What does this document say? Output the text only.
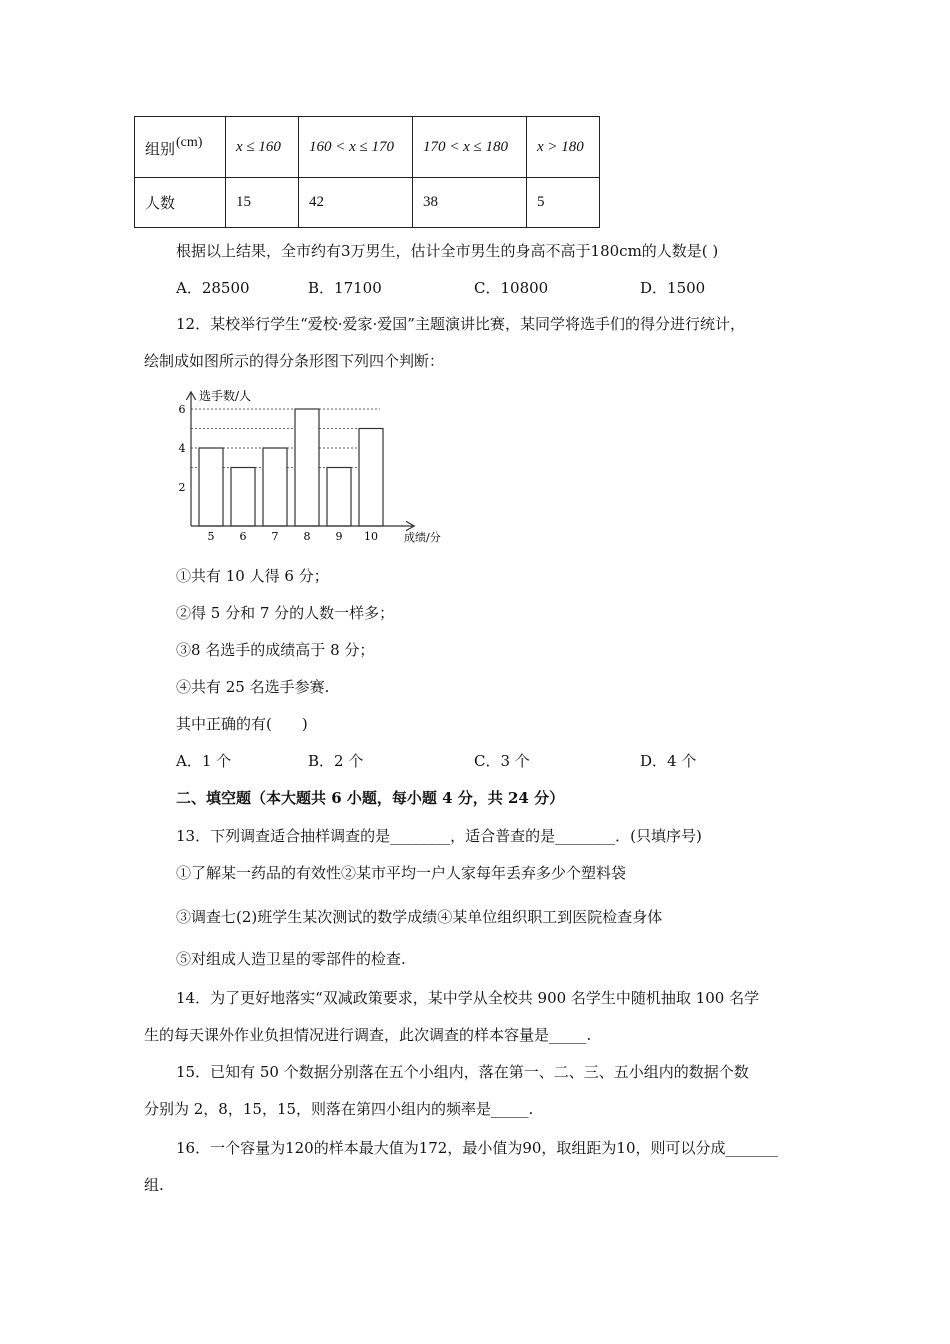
组别(cm)	x ≤ 160	160 < x ≤ 170	170 < x ≤ 180	x > 180
人数	15	42	38	5
根据以上结果，全市约有3万男生，估计全市男生的身高不高于180cm的人数是( )
A．28500	B．17100	C．10800	D．1500
12．某校举行学生“爱校·爱家·爱国”主题演讲比赛，某同学将选手们的得分进行统计，
绘制成如图所示的得分条形图下列四个判断：
选手数/人
成绩/分
5 6 7 8 9 10
2
4
6
①共有 10 人得 6 分；
②得 5 分和 7 分的人数一样多；
③8 名选手的成绩高于 8 分；
④共有 25 名选手参赛.
其中正确的有(　　)
A．1 个	B．2 个	C．3 个	D．4 个
二、填空题（本大题共 6 小题，每小题 4 分，共 24 分）
13．下列调查适合抽样调查的是________，适合普查的是________．(只填序号)
①了解某一药品的有效性②某市平均一户人家每年丢弃多少个塑料袋
③调查七(2)班学生某次测试的数学成绩④某单位组织职工到医院检查身体
⑤对组成人造卫星的零部件的检查.
14．为了更好地落实“双减政策要求，某中学从全校共 900 名学生中随机抽取 100 名学
生的每天课外作业负担情况进行调查，此次调查的样本容量是_____.
15．已知有 50 个数据分别落在五个小组内，落在第一、二、三、五小组内的数据个数
分别为 2，8，15，15，则落在第四小组内的频率是_____.
16．一个容量为120的样本最大值为172，最小值为90，取组距为10，则可以分成_______
组.
